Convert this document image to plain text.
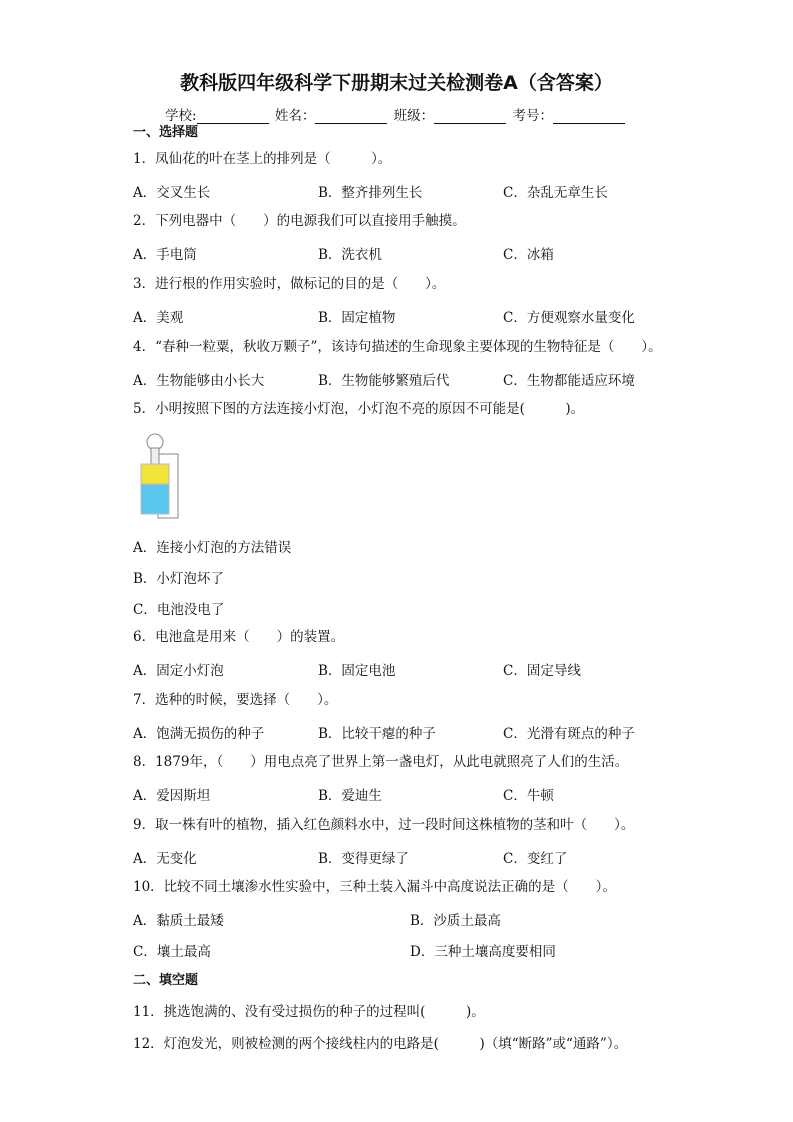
教科版四年级科学下册期末过关检测卷A（含答案）
学校:	姓名：	班级：	考号：
一、选择题
1．凤仙花的叶在茎上的排列是（　　　）。
A．交叉生长	B．整齐排列生长	C．杂乱无章生长
2．下列电器中（　　）的电源我们可以直接用手触摸。
A．手电筒	B．洗衣机	C．冰箱
3．进行根的作用实验时，做标记的目的是（　　）。
A．美观	B．固定植物	C．方便观察水量变化
4．“春种一粒粟，秋收万颗子”，该诗句描述的生命现象主要体现的生物特征是（　　）。
A．生物能够由小长大	B．生物能够繁殖后代	C．生物都能适应环境
5．小明按照下图的方法连接小灯泡，小灯泡不亮的原因不可能是(　　　)。
A．连接小灯泡的方法错误
B．小灯泡坏了
C．电池没电了
6．电池盒是用来（　　）的装置。
A．固定小灯泡	B．固定电池	C．固定导线
7．选种的时候，要选择（　　）。
A．饱满无损伤的种子	B．比较干瘪的种子	C．光滑有斑点的种子
8．1879年，（　　）用电点亮了世界上第一盏电灯，从此电就照亮了人们的生活。
A．爱因斯坦	B．爱迪生	C．牛顿
9．取一株有叶的植物，插入红色颜料水中，过一段时间这株植物的茎和叶（　　）。
A．无变化	B．变得更绿了	C．变红了
10．比较不同土壤渗水性实验中，三种土装入漏斗中高度说法正确的是（　　）。
A．黏质土最矮	B．沙质土最高
C．壤土最高	D．三种土壤高度要相同
二、填空题
11．挑选饱满的、没有受过损伤的种子的过程叫(　　　)。
12．灯泡发光，则被检测的两个接线柱内的电路是(　　　)（填“断路”或“通路”）。
